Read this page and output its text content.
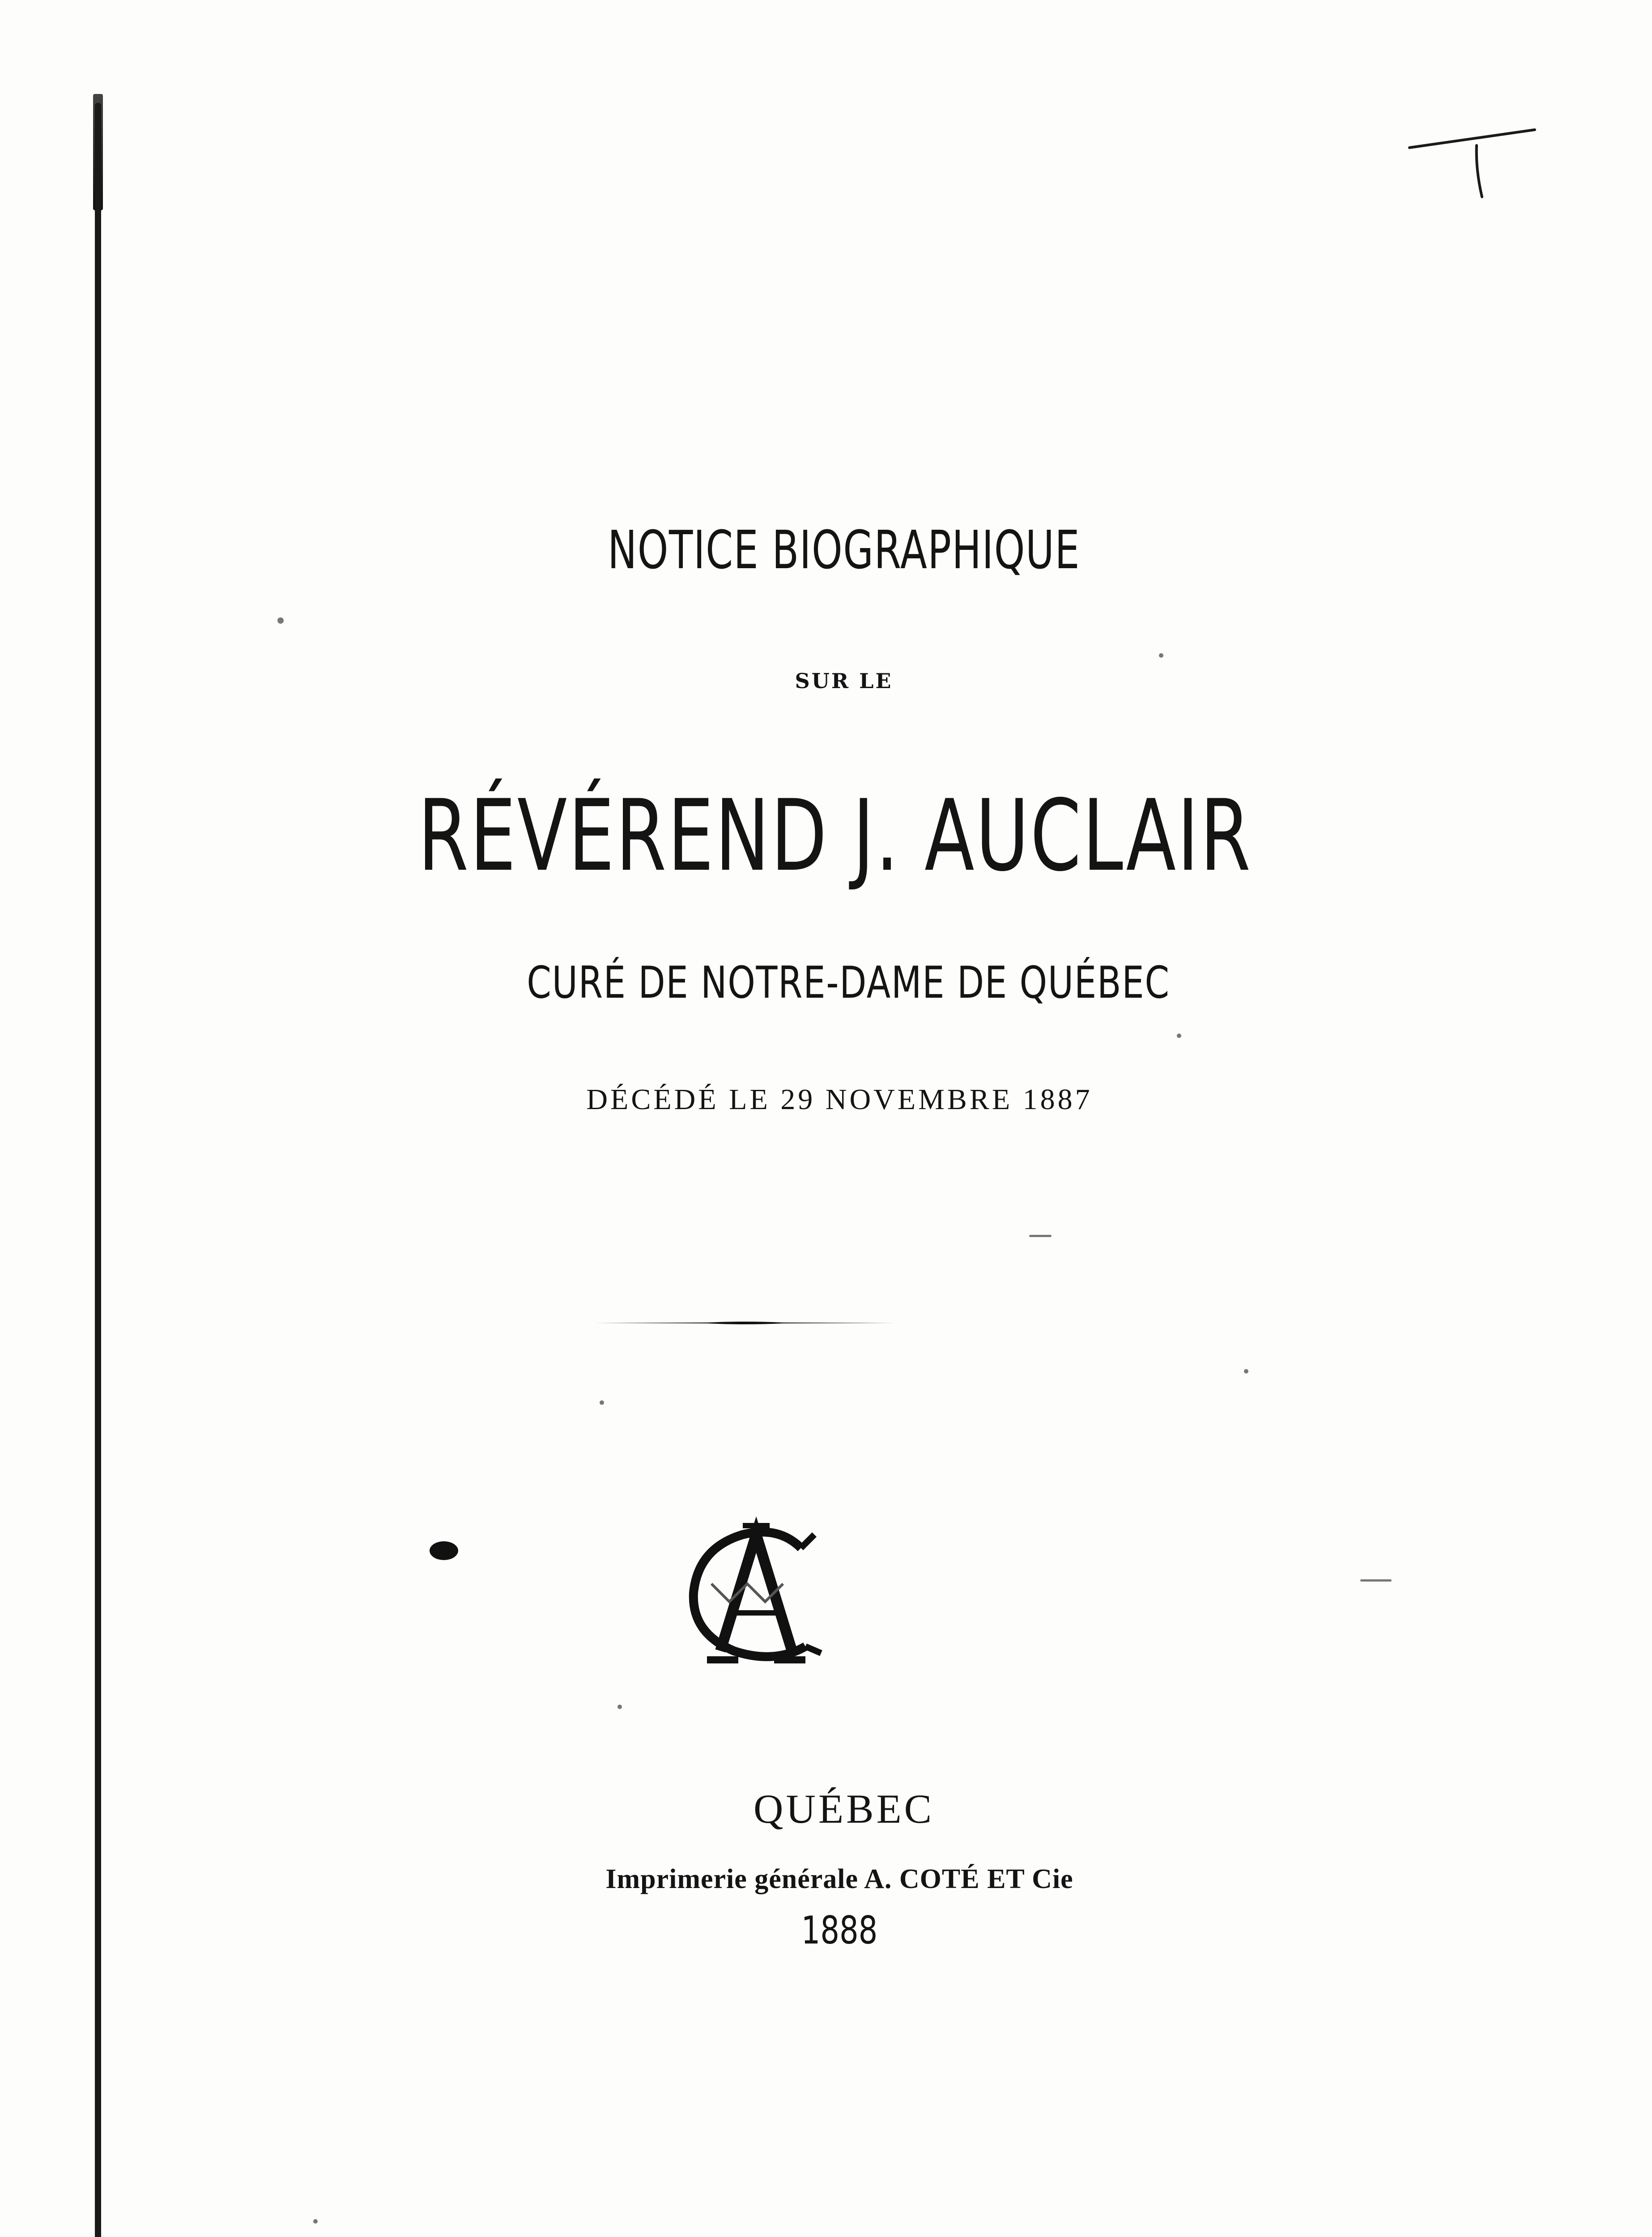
NOTICE BIOGRAPHIQUE
SUR LE
RÉVÉREND J. AUCLAIR
CURÉ DE NOTRE-DAME DE QUÉBEC
DÉCÉDÉ LE 29 NOVEMBRE 1887
QUÉBEC
Imprimerie générale A. COTÉ ET Cie
1888
